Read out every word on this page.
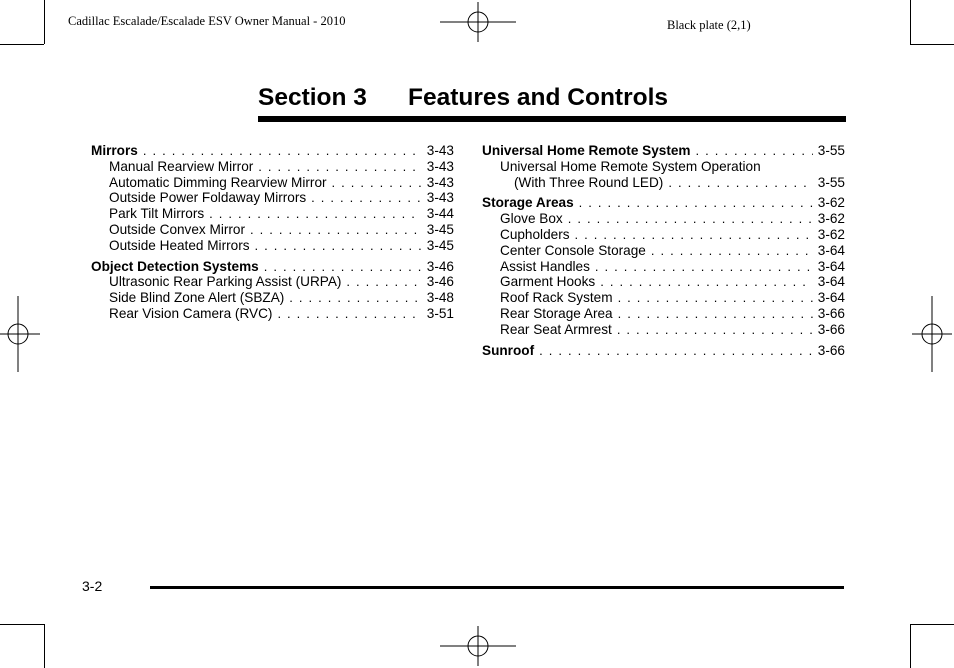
Cadillac Escalade/Escalade ESV Owner Manual - 2010	Black plate (2,1)
Section 3 Features and Controls
Mirrors . . .	3-43
Manual Rearview Mirror . . .	3-43
Automatic Dimming Rearview Mirror . . .	3-43
Outside Power Foldaway Mirrors . . .	3-43
Park Tilt Mirrors . . .	3-44
Outside Convex Mirror . . .	3-45
Outside Heated Mirrors . . .	3-45
Object Detection Systems . . .	3-46
Ultrasonic Rear Parking Assist (URPA) . . .	3-46
Side Blind Zone Alert (SBZA) . . .	3-48
Rear Vision Camera (RVC) . . .	3-51
Universal Home Remote System . . .	3-55
Universal Home Remote System Operation
(With Three Round LED) . . .	3-55
Storage Areas . . .	3-62
Glove Box . . .	3-62
Cupholders . . .	3-62
Center Console Storage . . .	3-64
Assist Handles . . .	3-64
Garment Hooks . . .	3-64
Roof Rack System . . .	3-64
Rear Storage Area . . .	3-66
Rear Seat Armrest . . .	3-66
Sunroof . . .	3-66
3-2
